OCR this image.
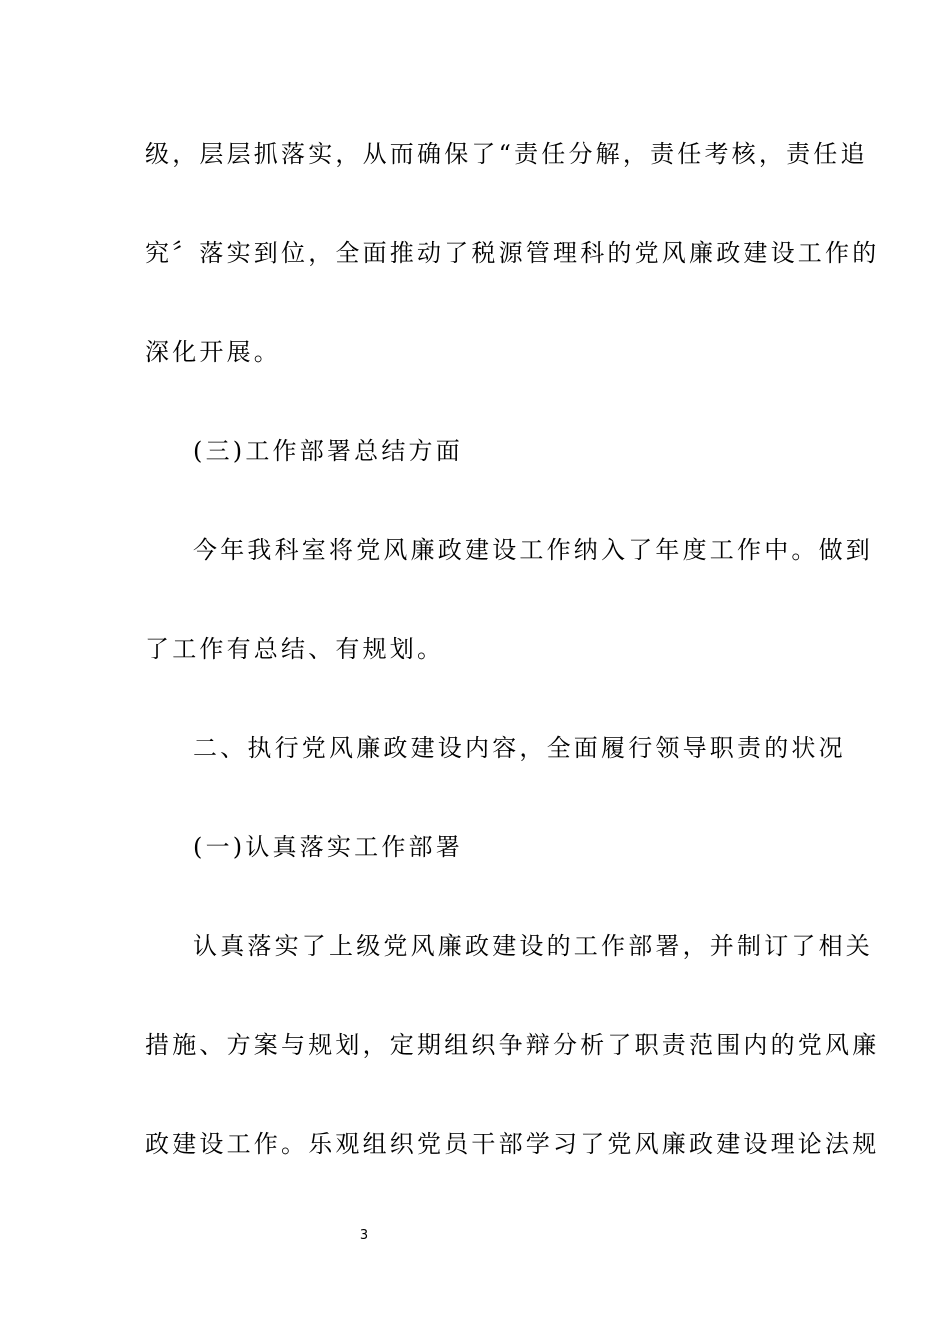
级，层层抓落实，从而确保了“责任分解，责任考核，责任追
究〞落实到位，全面推动了税源管理科的党风廉政建设工作的
深化开展。
(三)工作部署总结方面
今年我科室将党风廉政建设工作纳入了年度工作中。做到
了工作有总结、有规划。
二、执行党风廉政建设内容，全面履行领导职责的状况
(一)认真落实工作部署
认真落实了上级党风廉政建设的工作部署，并制订了相关
措施、方案与规划，定期组织争辩分析了职责范围内的党风廉
政建设工作。乐观组织党员干部学习了党风廉政建设理论法规
3
